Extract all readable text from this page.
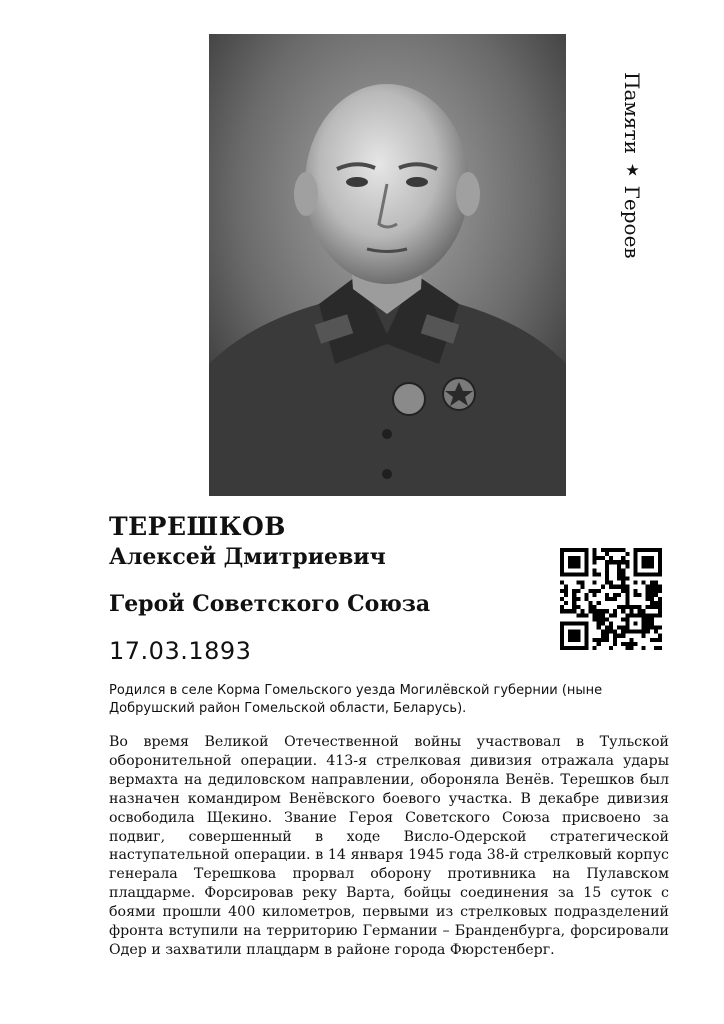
Памяти ★ Героев
ТЕРЕШКОВ
Алексей Дмитриевич
Герой Советского Союза
17.03.1893
Родился в селе Корма Гомельского уезда Могилёвской губернии (ныне Добрушский район Гомельской области, Беларусь).
Во время Великой Отечественной войны участвовал в Тульской оборонительной операции. 413-я стрелковая дивизия отражала удары вермахта на дедиловском направлении, обороняла Венёв. Терешков был назначен командиром Венёвского боевого участка. В декабре дивизия освободила Щекино. Звание Героя Советского Союза присвоено за подвиг, совершенный в ходе Висло-Одерской стратегической наступательной операции. в 14 января 1945 года 38-й стрелковый корпус генерала Терешкова прорвал оборону противника на Пулавском плацдарме. Форсировав реку Варта, бойцы соединения за 15 суток с боями прошли 400 километров, первыми из стрелковых подразделений фронта вступили на территорию Германии – Бранденбурга, форсировали Одер и захватили плацдарм в районе города Фюрстенберг.
